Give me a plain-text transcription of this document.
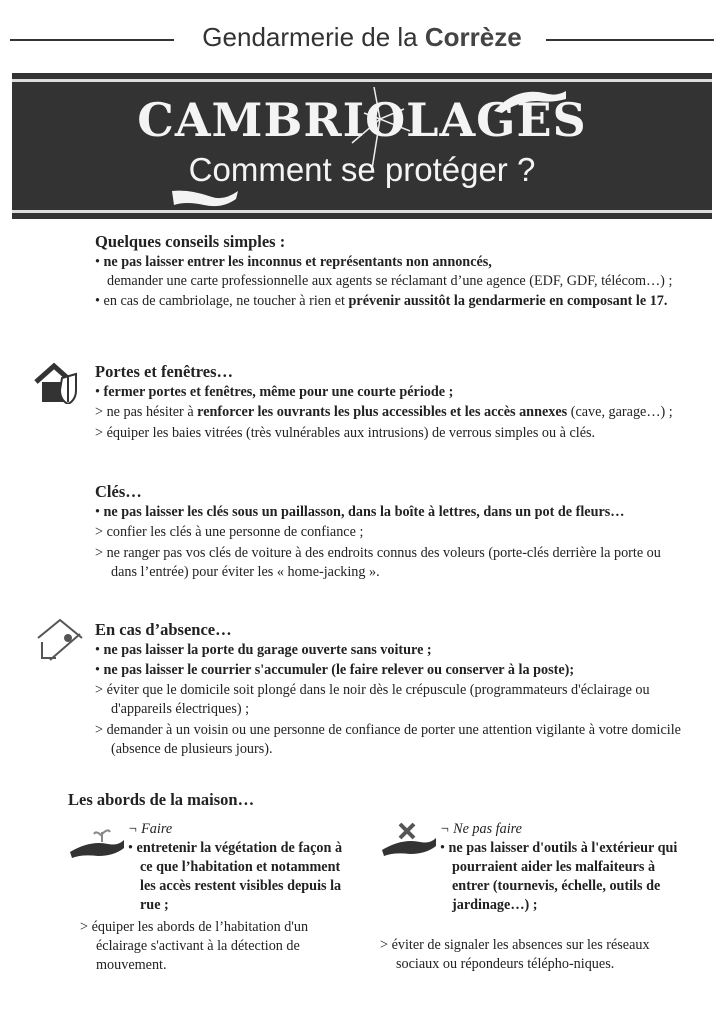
Gendarmerie de la Corrèze
CAMBRIOLAGES
Comment se protéger ?
Quelques conseils simples :

• ne pas laisser entrer les inconnus et représentants non annoncés,
demander une carte professionnelle aux agents se réclamant d’une agence (EDF, GDF, télécom…) ;

• en cas de cambriolage, ne toucher à rien et prévenir aussitôt la gendarmerie en composant le 17.

Portes et fenêtres…

• fermer portes et fenêtres, même pour une courte période ;

> ne pas hésiter à renforcer les ouvrants les plus accessibles et les accès annexes (cave, garage…) ;

> équiper les baies vitrées (très vulnérables aux intrusions) de verrous simples ou à clés.

Clés…

• ne pas laisser les clés sous un paillasson, dans la boîte à lettres, dans un pot de fleurs…

> confier les clés à une personne de confiance ;

> ne ranger pas vos clés de voiture à des endroits connus des voleurs (porte-clés derrière la porte ou dans l’entrée) pour éviter les « home-jacking ».

En cas d’absence…

• ne pas laisser la porte du garage ouverte sans voiture ;

• ne pas laisser le courrier s'accumuler (le faire relever ou conserver à la poste);

> éviter que le domicile soit plongé dans le noir dès le crépuscule (programmateurs d'éclairage ou d'appareils électriques) ;

> demander à un voisin ou une personne de confiance de porter une attention vigilante à votre domicile (absence de plusieurs jours).

Les abords de la maison…
¬ Faire

• entretenir la végétation de façon à ce que l’habitation et notamment les accès restent visibles depuis la rue ;

> équiper les abords de l’habitation d'un éclairage s'activant à la détection de mouvement.

¬ Ne pas faire

• ne pas laisser d'outils à l'extérieur qui pourraient aider les malfaiteurs à entrer (tournevis, échelle, outils de jardinage…) ;

> éviter de signaler les absences sur les réseaux sociaux ou répondeurs télépho-niques.
